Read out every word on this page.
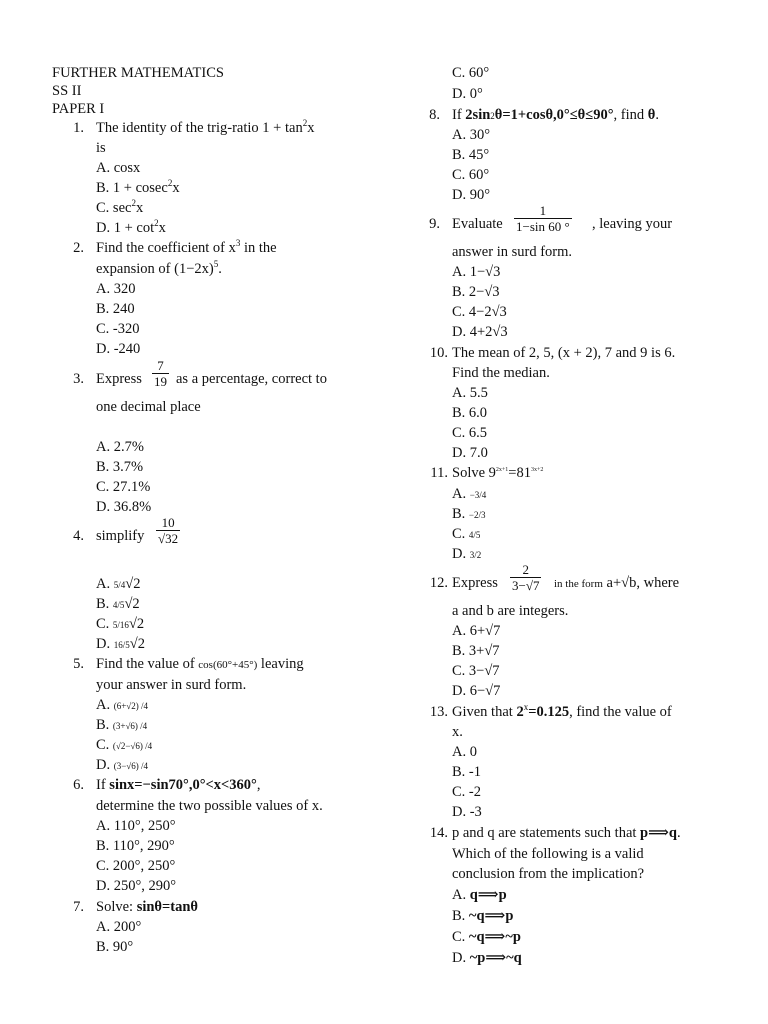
FURTHER MATHEMATICS
SS II
PAPER I
1. The identity of the trig-ratio $1 + \tan^2x$
is
A. cosx
B. 1 + cosec$^2$x
C. $\sec^2x$
D. $1 + \cot^2x$
2. Find the coefficient of $x^3$ in the
expansion of $(1-2x)^5$.
A. 320
B. 240
C. -320
D. -240
3. Express $\frac{7}{19}$ as a percentage, correct to
one decimal place
A. 2.7%
B. 3.7%
C. 27.1%
D. 36.8%
4. simplify $\frac{10}{√32}$
A. 5/4√2
B. 4/5√2
C. 5/16√2
D. 16/5√2
5. Find the value of cos(60°+45°) leaving
your answer in surd form.
A. (6+√2) /4
B. (3+√6) /4
C. (√2−√6) /4
D. (3−√6) /4
6. If sinx=−sin70°,0°<x<360°,
determine the two possible values of x.
A. 110°, 250°
B. 110°, 290°
C. 200°, 250°
D. 250°, 290°
7. Solve: sinθ=tanθ
A. 200°
B. 90°
C. 60°
D. 0°
8. If 2sin2θ=1+cosθ,0°≤θ≤90°, find θ.
A. 30°
B. 45°
C. 60°
D. 90°
9. Evaluate $\frac{1}{1-\sin 60 ^\circ}$ , leaving your
answer in surd form.
A. 1−√3
B. 2−√3
C. 4−2√3
D. 4+2√3
10. The mean of 2, 5, (x + 2), 7 and 9 is 6.
Find the median.
A. 5.5
B. 6.0
C. 6.5
D. 7.0
11. Solve $9^{2x+1}=81^{3x+2}$
A. −3/4
B. −2/3
C. 4/5
D. 3/2
12. Express $\frac{2}{3-√7}$ in the form a+√b, where
a and b are integers.
A. 6+√7
B. 3+√7
C. 3−√7
D. 6−√7
13. Given that $2^x=0.125$, find the value of
x.
A. 0
B. -1
C. -2
D. -3
14. p and q are statements such that p⟹q.
Which of the following is a valid
conclusion from the implication?
A. q⟹p
B. ~q⟹p
C. ~q⟹~p
D. ~p⟹~q
